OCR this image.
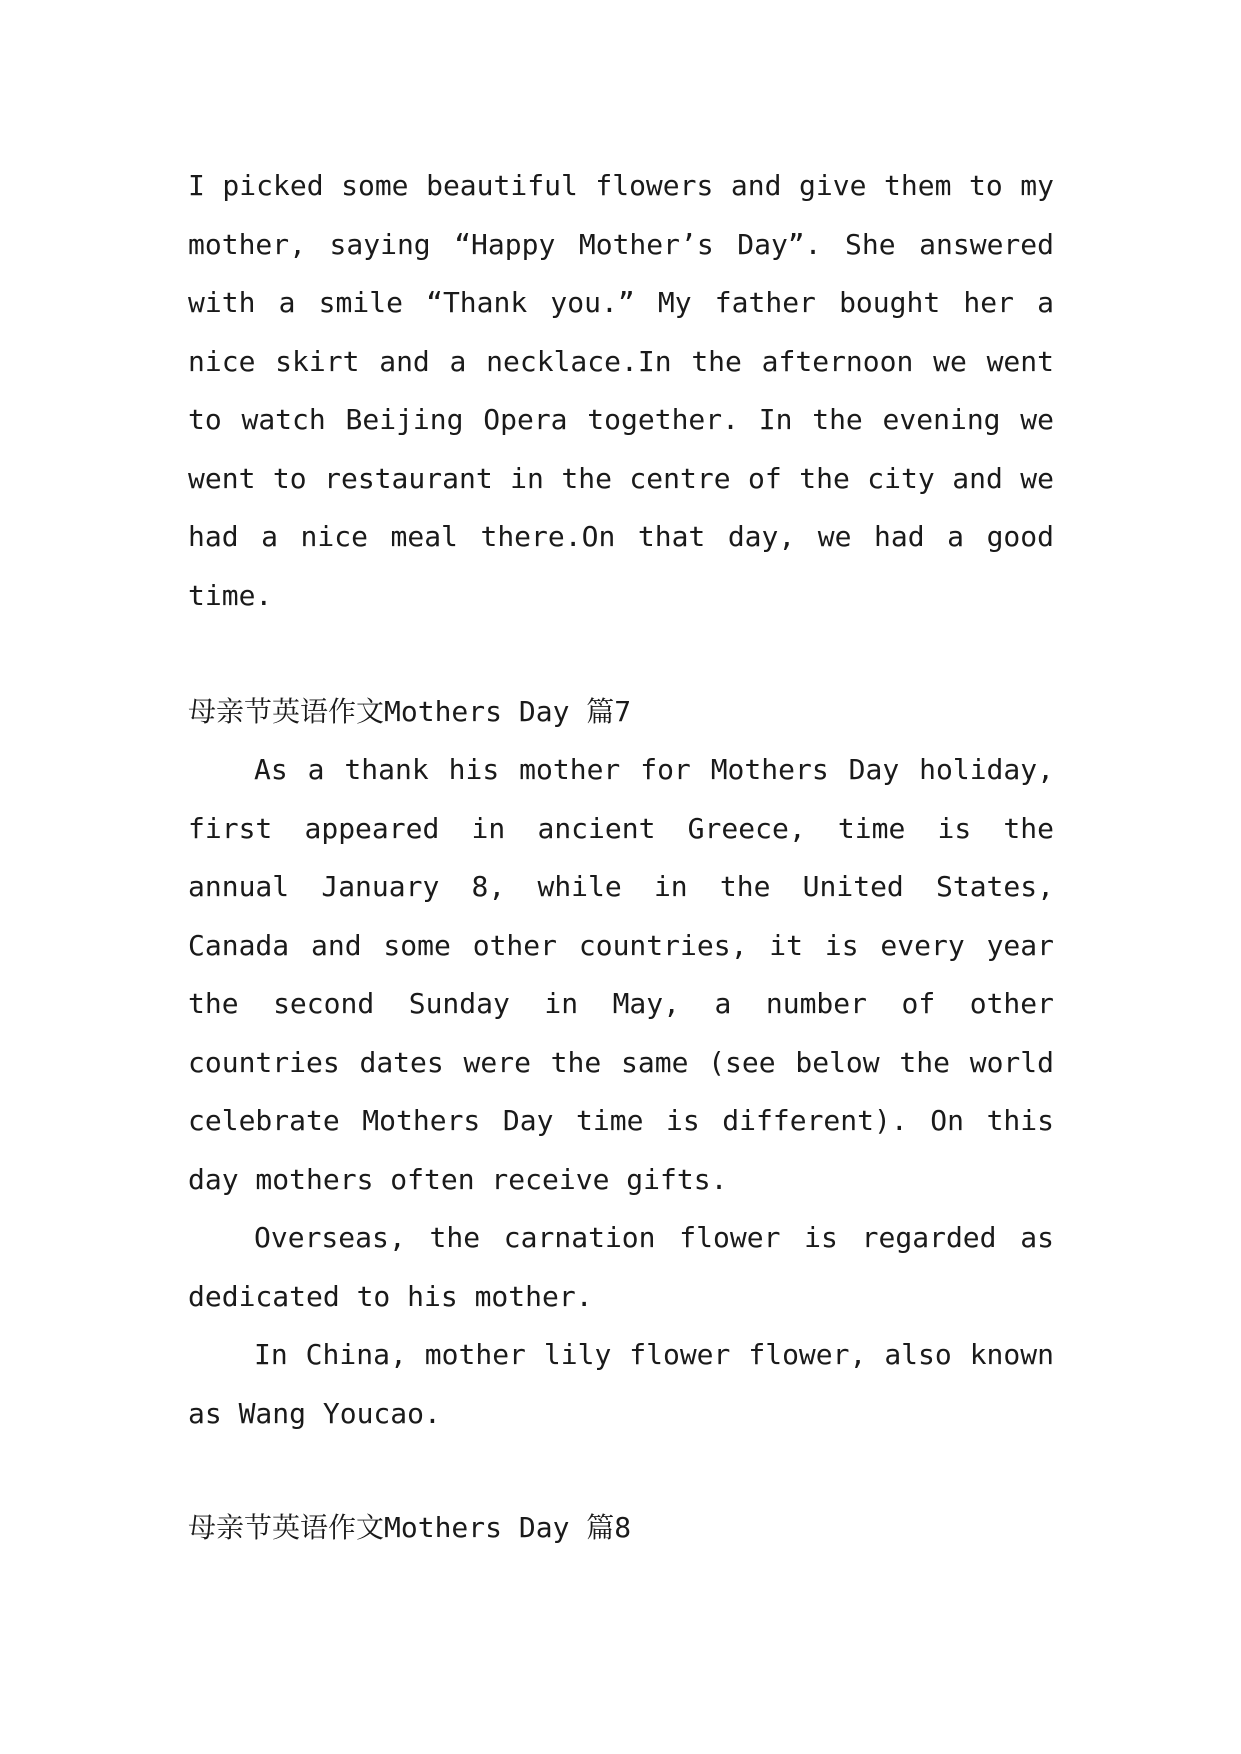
I picked some beautiful flowers and give them to my
mother, saying “Happy Mother’s Day”. She answered
with a smile “Thank you.” My father bought her a
nice skirt and a necklace.In the afternoon we went
to watch Beijing Opera together. In the evening we
went to restaurant in the centre of the city and we
had a nice meal there.On that day, we had a good
time.
母亲节英语作文Mothers Day 篇7
As a thank his mother for Mothers Day holiday,
first appeared in ancient Greece, time is the
annual January 8, while in the United States,
Canada and some other countries, it is every year
the second Sunday in May, a number of other
countries dates were the same (see below the world
celebrate Mothers Day time is different). On this
day mothers often receive gifts.
Overseas, the carnation flower is regarded as
dedicated to his mother.
In China, mother lily flower flower, also known
as Wang Youcao.
母亲节英语作文Mothers Day 篇8
